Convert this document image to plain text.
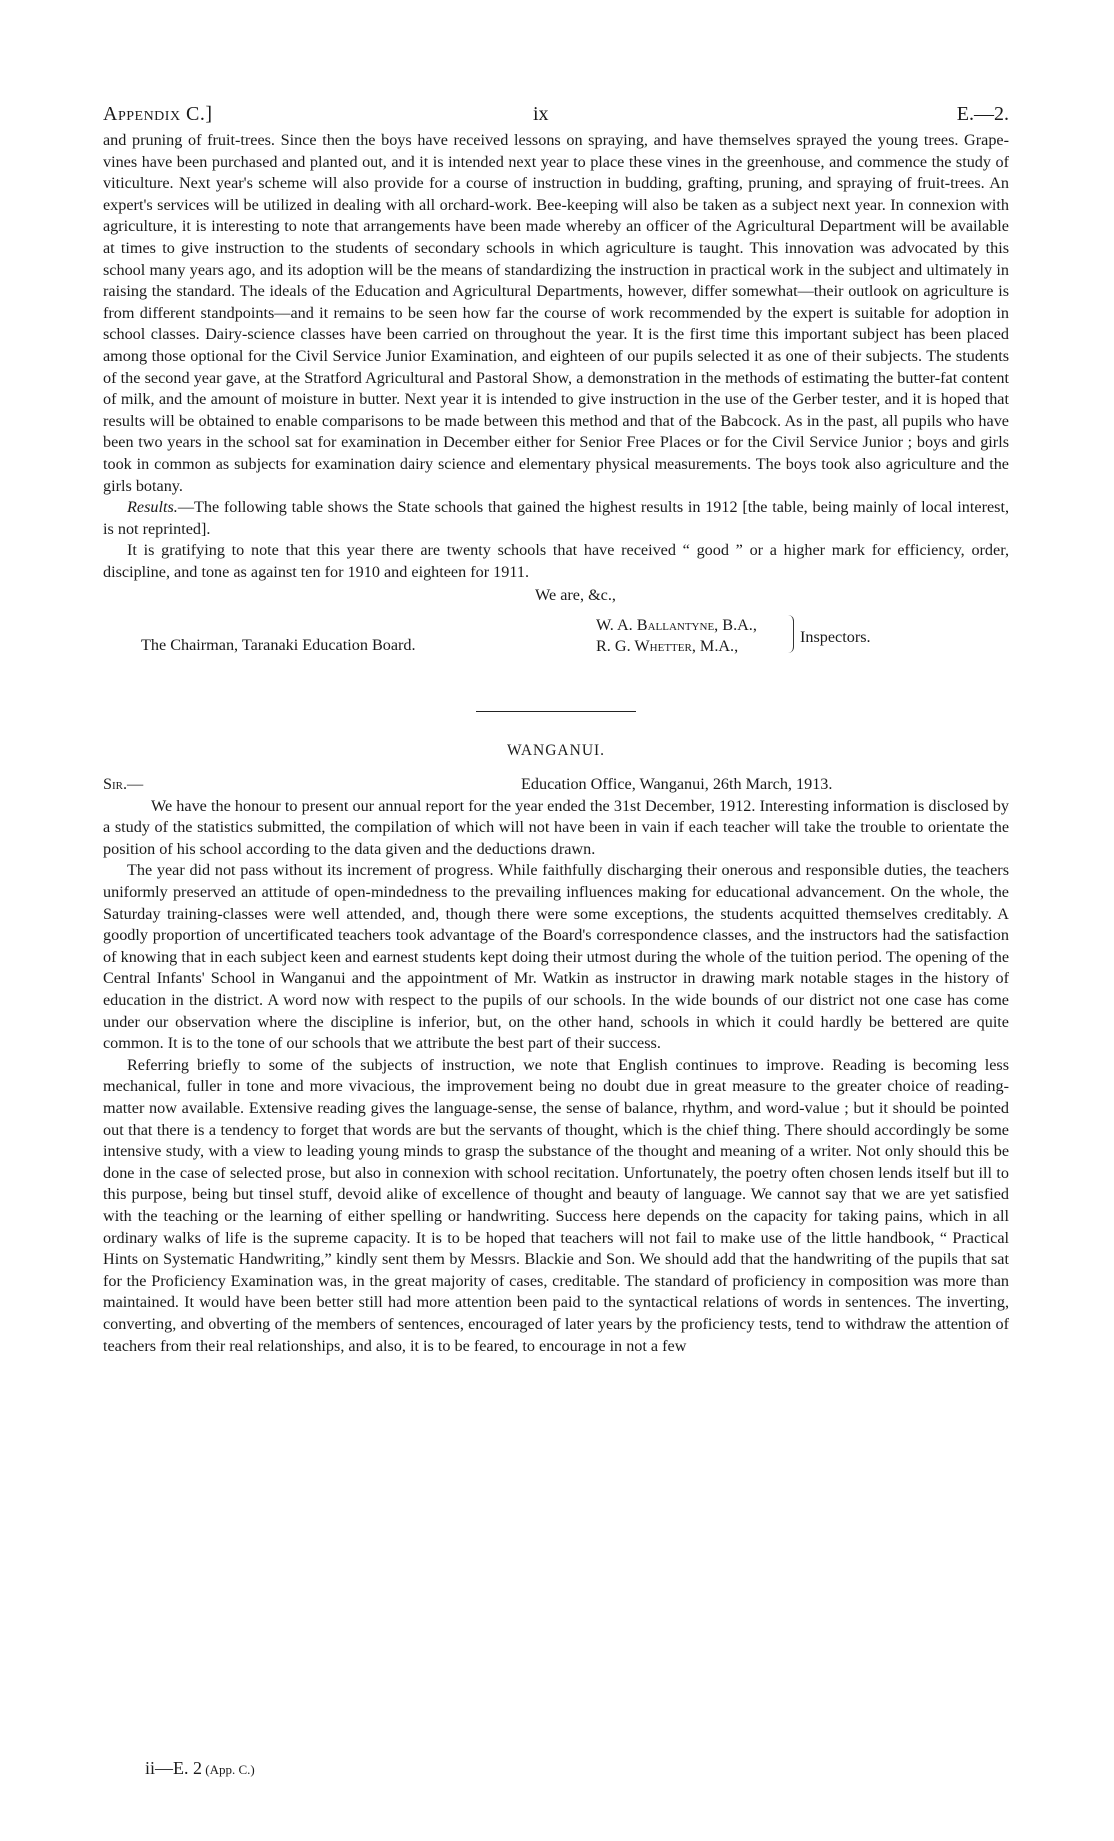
Appendix C.]	ix	E.—2.

and pruning of fruit-trees. Since then the boys have received lessons on spraying, and have themselves sprayed the young trees. Grape-vines have been purchased and planted out, and it is intended next year to place these vines in the greenhouse, and commence the study of viticulture. Next year's scheme will also provide for a course of instruction in budding, grafting, pruning, and spraying of fruit-trees. An expert's services will be utilized in dealing with all orchard-work. Bee-keeping will also be taken as a subject next year. In connexion with agriculture, it is interesting to note that arrangements have been made whereby an officer of the Agricultural Department will be available at times to give instruction to the students of secondary schools in which agriculture is taught. This innovation was advocated by this school many years ago, and its adoption will be the means of standardizing the instruction in practical work in the subject and ultimately in raising the standard. The ideals of the Education and Agricultural Departments, however, differ somewhat—their outlook on agriculture is from different standpoints—and it remains to be seen how far the course of work recommended by the expert is suitable for adoption in school classes. Dairy-science classes have been carried on throughout the year. It is the first time this important subject has been placed among those optional for the Civil Service Junior Examination, and eighteen of our pupils selected it as one of their subjects. The students of the second year gave, at the Stratford Agricultural and Pastoral Show, a demonstration in the methods of estimating the butter-fat content of milk, and the amount of moisture in butter. Next year it is intended to give instruction in the use of the Gerber tester, and it is hoped that results will be obtained to enable comparisons to be made between this method and that of the Babcock. As in the past, all pupils who have been two years in the school sat for examination in December either for Senior Free Places or for the Civil Service Junior ; boys and girls took in common as subjects for examination dairy science and elementary physical measurements. The boys took also agriculture and the girls botany.

Results.—The following table shows the State schools that gained the highest results in 1912 [the table, being mainly of local interest, is not reprinted].

It is gratifying to note that this year there are twenty schools that have received “ good ” or a higher mark for efficiency, order, discipline, and tone as against ten for 1910 and eighteen for 1911.

We are, &c.,
The Chairman, Taranaki Education Board.
W. A. Ballantyne, B.A.,
R. G. Whetter, M.A.,	Inspectors.
WANGANUI.
Sir.—	Education Office, Wanganui, 26th March, 1913.

We have the honour to present our annual report for the year ended the 31st December, 1912. Interesting information is disclosed by a study of the statistics submitted, the compilation of which will not have been in vain if each teacher will take the trouble to orientate the position of his school according to the data given and the deductions drawn.

The year did not pass without its increment of progress. While faithfully discharging their onerous and responsible duties, the teachers uniformly preserved an attitude of open-mindedness to the prevailing influences making for educational advancement. On the whole, the Saturday training-classes were well attended, and, though there were some exceptions, the students acquitted themselves creditably. A goodly proportion of uncertificated teachers took advantage of the Board's correspondence classes, and the instructors had the satisfaction of knowing that in each subject keen and earnest students kept doing their utmost during the whole of the tuition period. The opening of the Central Infants' School in Wanganui and the appointment of Mr. Watkin as instructor in drawing mark notable stages in the history of education in the district. A word now with respect to the pupils of our schools. In the wide bounds of our district not one case has come under our observation where the discipline is inferior, but, on the other hand, schools in which it could hardly be bettered are quite common. It is to the tone of our schools that we attribute the best part of their success.

Referring briefly to some of the subjects of instruction, we note that English continues to improve. Reading is becoming less mechanical, fuller in tone and more vivacious, the improvement being no doubt due in great measure to the greater choice of reading-matter now available. Extensive reading gives the language-sense, the sense of balance, rhythm, and word-value ; but it should be pointed out that there is a tendency to forget that words are but the servants of thought, which is the chief thing. There should accordingly be some intensive study, with a view to leading young minds to grasp the substance of the thought and meaning of a writer. Not only should this be done in the case of selected prose, but also in connexion with school recitation. Unfortunately, the poetry often chosen lends itself but ill to this purpose, being but tinsel stuff, devoid alike of excellence of thought and beauty of language. We cannot say that we are yet satisfied with the teaching or the learning of either spelling or handwriting. Success here depends on the capacity for taking pains, which in all ordinary walks of life is the supreme capacity. It is to be hoped that teachers will not fail to make use of the little handbook, “ Practical Hints on Systematic Handwriting,” kindly sent them by Messrs. Blackie and Son. We should add that the handwriting of the pupils that sat for the Proficiency Examination was, in the great majority of cases, creditable. The standard of proficiency in composition was more than maintained. It would have been better still had more attention been paid to the syntactical relations of words in sentences. The inverting, converting, and obverting of the members of sentences, encouraged of later years by the proficiency tests, tend to withdraw the attention of teachers from their real relationships, and also, it is to be feared, to encourage in not a few

ii—E. 2 (App. C.)
